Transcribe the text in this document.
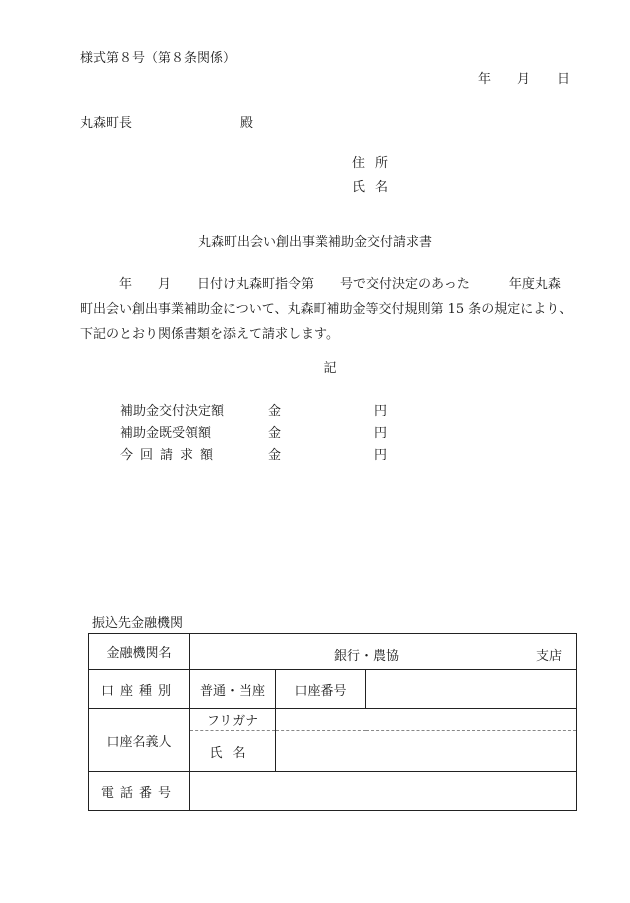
様式第８号（第８条関係）
年 月 日
丸森町長	殿
住所
氏名
丸森町出会い創出事業補助金交付請求書
　　　年　　月　　日付け丸森町指令第　　号で交付決定のあった　　　年度丸森
町出会い創出事業補助金について、丸森町補助金等交付規則第 15 条の規定により、
下記のとおり関係書類を添えて請求します。
記
補助金交付決定額	金	円
補助金既受領額	金	円
今回請求額	金	円
振込先金融機関
金融機関名	銀行・農協 支店		

口座種別	普通・当座	口座番号	
口座名義人	フリガナ		
	氏名		
電話番号			
